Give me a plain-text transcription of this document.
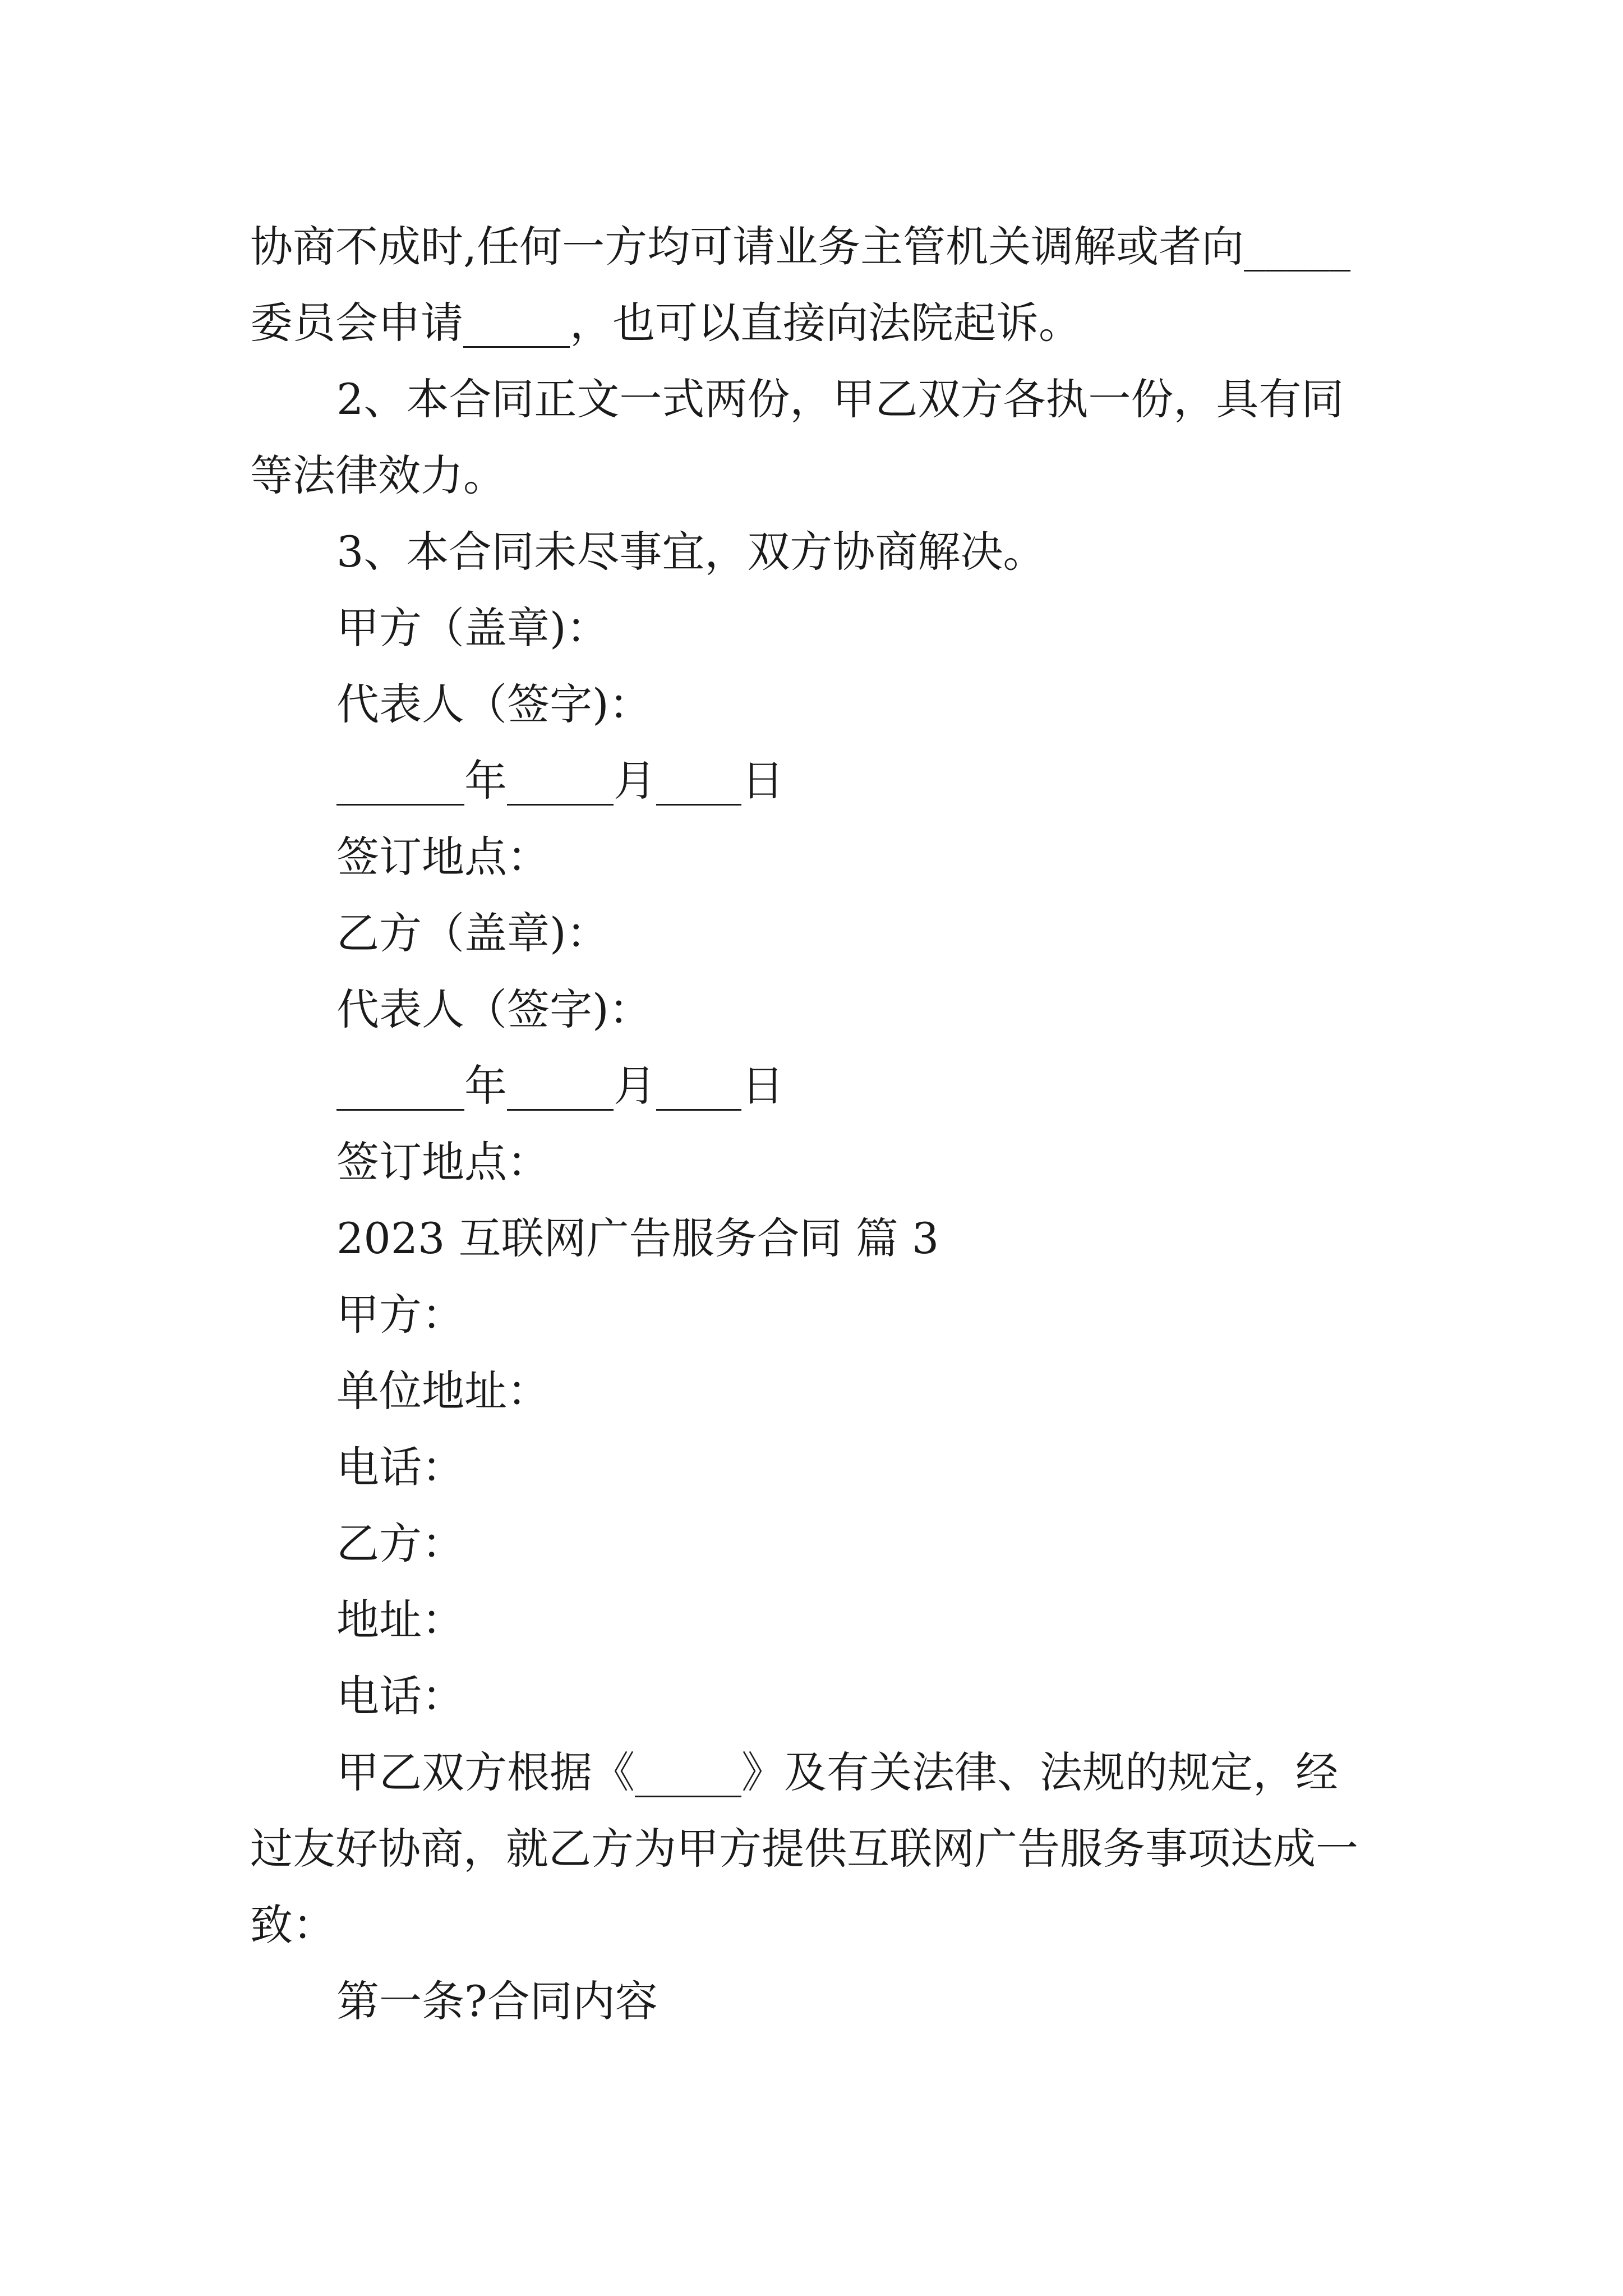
协商不成时,任何一方均可请业务主管机关调解或者向_____
委员会申请_____，也可以直接向法院起诉。
2、本合同正文一式两份，甲乙双方各执一份，具有同
等法律效力。
3、本合同未尽事宜，双方协商解决。
甲方（盖章)：
代表人（签字)：
______年_____月____日
签订地点：
乙方（盖章)：
代表人（签字)：
______年_____月____日
签订地点：
2023 互联网广告服务合同 篇 3
甲方：
单位地址：
电话：
乙方：
地址：
电话：
甲乙双方根据《_____》及有关法律、法规的规定，经
过友好协商，就乙方为甲方提供互联网广告服务事项达成一
致：
第一条?合同内容
